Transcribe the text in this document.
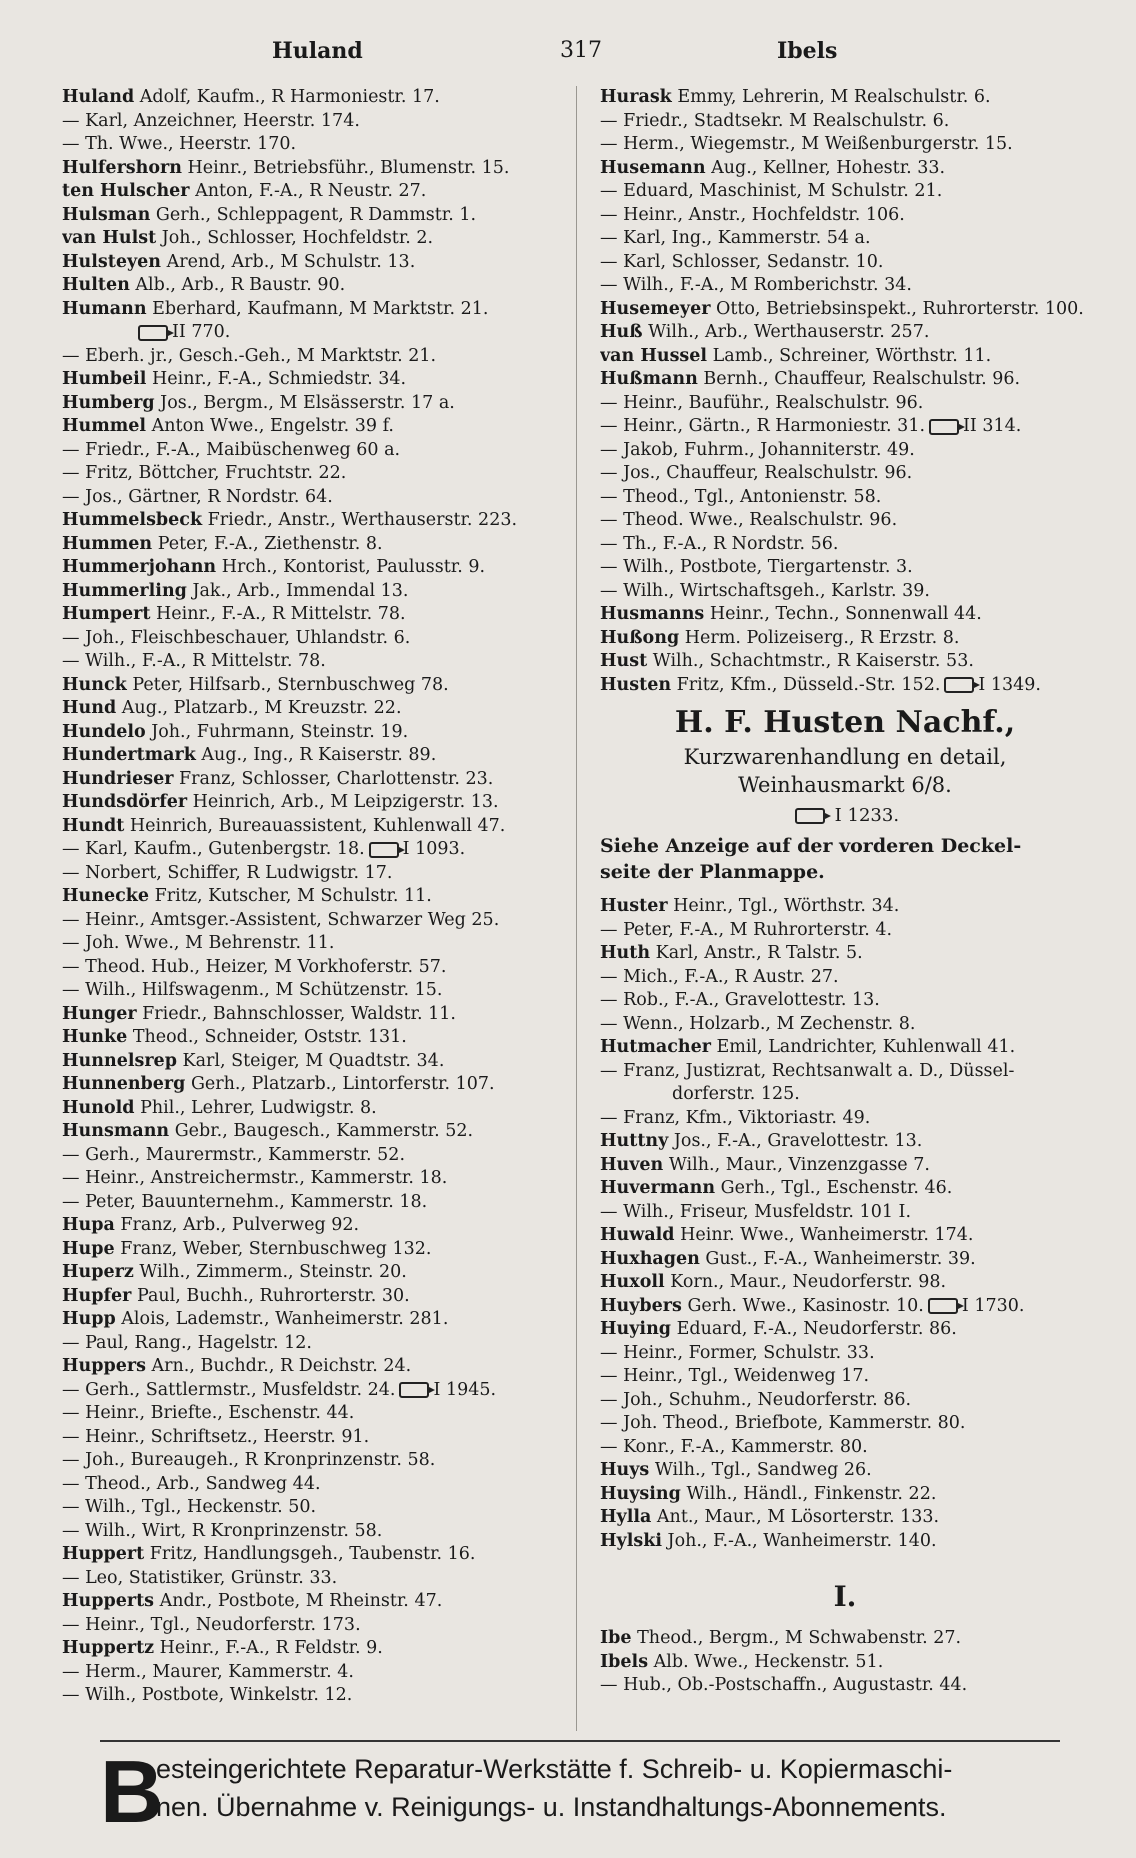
Huland	317	Ibels
Huland Adolf, Kaufm., R Harmoniestr. 17.
— Karl, Anzeichner, Heerstr. 174.
— Th. Wwe., Heerstr. 170.
Hulfershorn Heinr., Betriebsführ., Blumenstr. 15.
ten Hulscher Anton, F.-A., R Neustr. 27.
Hulsman Gerh., Schleppagent, R Dammstr. 1.
van Hulst Joh., Schlosser, Hochfeldstr. 2.
Hulsteyen Arend, Arb., M Schulstr. 13.
Hulten Alb., Arb., R Baustr. 90.
Humann Eberhard, Kaufmann, M Marktstr. 21.
II 770.
— Eberh. jr., Gesch.-Geh., M Marktstr. 21.
Humbeil Heinr., F.-A., Schmiedstr. 34.
Humberg Jos., Bergm., M Elsässerstr. 17 a.
Hummel Anton Wwe., Engelstr. 39 f.
— Friedr., F.-A., Maibüschenweg 60 a.
— Fritz, Böttcher, Fruchtstr. 22.
— Jos., Gärtner, R Nordstr. 64.
Hummelsbeck Friedr., Anstr., Werthauserstr. 223.
Hummen Peter, F.-A., Ziethenstr. 8.
Hummerjohann Hrch., Kontorist, Paulusstr. 9.
Hummerling Jak., Arb., Immendal 13.
Humpert Heinr., F.-A., R Mittelstr. 78.
— Joh., Fleischbeschauer, Uhlandstr. 6.
— Wilh., F.-A., R Mittelstr. 78.
Hunck Peter, Hilfsarb., Sternbuschweg 78.
Hund Aug., Platzarb., M Kreuzstr. 22.
Hundelo Joh., Fuhrmann, Steinstr. 19.
Hundertmark Aug., Ing., R Kaiserstr. 89.
Hundrieser Franz, Schlosser, Charlottenstr. 23.
Hundsdörfer Heinrich, Arb., M Leipzigerstr. 13.
Hundt Heinrich, Bureauassistent, Kuhlenwall 47.
— Karl, Kaufm., Gutenbergstr. 18. I 1093.
— Norbert, Schiffer, R Ludwigstr. 17.
Hunecke Fritz, Kutscher, M Schulstr. 11.
— Heinr., Amtsger.-Assistent, Schwarzer Weg 25.
— Joh. Wwe., M Behrenstr. 11.
— Theod. Hub., Heizer, M Vorkhoferstr. 57.
— Wilh., Hilfswagenm., M Schützenstr. 15.
Hunger Friedr., Bahnschlosser, Waldstr. 11.
Hunke Theod., Schneider, Oststr. 131.
Hunnelsrep Karl, Steiger, M Quadtstr. 34.
Hunnenberg Gerh., Platzarb., Lintorferstr. 107.
Hunold Phil., Lehrer, Ludwigstr. 8.
Hunsmann Gebr., Baugesch., Kammerstr. 52.
— Gerh., Maurermstr., Kammerstr. 52.
— Heinr., Anstreichermstr., Kammerstr. 18.
— Peter, Bauunternehm., Kammerstr. 18.
Hupa Franz, Arb., Pulverweg 92.
Hupe Franz, Weber, Sternbuschweg 132.
Huperz Wilh., Zimmerm., Steinstr. 20.
Hupfer Paul, Buchh., Ruhrorterstr. 30.
Hupp Alois, Lademstr., Wanheimerstr. 281.
— Paul, Rang., Hagelstr. 12.
Huppers Arn., Buchdr., R Deichstr. 24.
— Gerh., Sattlermstr., Musfeldstr. 24. I 1945.
— Heinr., Briefte., Eschenstr. 44.
— Heinr., Schriftsetz., Heerstr. 91.
— Joh., Bureaugeh., R Kronprinzenstr. 58.
— Theod., Arb., Sandweg 44.
— Wilh., Tgl., Heckenstr. 50.
— Wilh., Wirt, R Kronprinzenstr. 58.
Huppert Fritz, Handlungsgeh., Taubenstr. 16.
— Leo, Statistiker, Grünstr. 33.
Hupperts Andr., Postbote, M Rheinstr. 47.
— Heinr., Tgl., Neudorferstr. 173.
Huppertz Heinr., F.-A., R Feldstr. 9.
— Herm., Maurer, Kammerstr. 4.
— Wilh., Postbote, Winkelstr. 12.
Hurask Emmy, Lehrerin, M Realschulstr. 6.
— Friedr., Stadtsekr. M Realschulstr. 6.
— Herm., Wiegemstr., M Weißenburgerstr. 15.
Husemann Aug., Kellner, Hohestr. 33.
— Eduard, Maschinist, M Schulstr. 21.
— Heinr., Anstr., Hochfeldstr. 106.
— Karl, Ing., Kammerstr. 54 a.
— Karl, Schlosser, Sedanstr. 10.
— Wilh., F.-A., M Romberichstr. 34.
Husemeyer Otto, Betriebsinspekt., Ruhrorterstr. 100.
Huß Wilh., Arb., Werthauserstr. 257.
van Hussel Lamb., Schreiner, Wörthstr. 11.
Hußmann Bernh., Chauffeur, Realschulstr. 96.
— Heinr., Bauführ., Realschulstr. 96.
— Heinr., Gärtn., R Harmoniestr. 31. II 314.
— Jakob, Fuhrm., Johanniterstr. 49.
— Jos., Chauffeur, Realschulstr. 96.
— Theod., Tgl., Antonienstr. 58.
— Theod. Wwe., Realschulstr. 96.
— Th., F.-A., R Nordstr. 56.
— Wilh., Postbote, Tiergartenstr. 3.
— Wilh., Wirtschaftsgeh., Karlstr. 39.
Husmanns Heinr., Techn., Sonnenwall 44.
Hußong Herm. Polizeiserg., R Erzstr. 8.
Hust Wilh., Schachtmstr., R Kaiserstr. 53.
Husten Fritz, Kfm., Düsseld.-Str. 152. I 1349.
H. F. Husten Nachf.,
Kurzwarenhandlung en detail,
Weinhausmarkt 6/8.
I 1233.
Siehe Anzeige auf der vorderen Deckel-
seite der Planmappe.
Huster Heinr., Tgl., Wörthstr. 34.
— Peter, F.-A., M Ruhrorterstr. 4.
Huth Karl, Anstr., R Talstr. 5.
— Mich., F.-A., R Austr. 27.
— Rob., F.-A., Gravelottestr. 13.
— Wenn., Holzarb., M Zechenstr. 8.
Hutmacher Emil, Landrichter, Kuhlenwall 41.
— Franz, Justizrat, Rechtsanwalt a. D., Düssel-
dorferstr. 125.
— Franz, Kfm., Viktoriastr. 49.
Huttny Jos., F.-A., Gravelottestr. 13.
Huven Wilh., Maur., Vinzenzgasse 7.
Huvermann Gerh., Tgl., Eschenstr. 46.
— Wilh., Friseur, Musfeldstr. 101 I.
Huwald Heinr. Wwe., Wanheimerstr. 174.
Huxhagen Gust., F.-A., Wanheimerstr. 39.
Huxoll Korn., Maur., Neudorferstr. 98.
Huybers Gerh. Wwe., Kasinostr. 10. I 1730.
Huying Eduard, F.-A., Neudorferstr. 86.
— Heinr., Former, Schulstr. 33.
— Heinr., Tgl., Weidenweg 17.
— Joh., Schuhm., Neudorferstr. 86.
— Joh. Theod., Briefbote, Kammerstr. 80.
— Konr., F.-A., Kammerstr. 80.
Huys Wilh., Tgl., Sandweg 26.
Huysing Wilh., Händl., Finkenstr. 22.
Hylla Ant., Maur., M Lösorterstr. 133.
Hylski Joh., F.-A., Wanheimerstr. 140.
I.
Ibe Theod., Bergm., M Schwabenstr. 27.
Ibels Alb. Wwe., Heckenstr. 51.
— Hub., Ob.-Postschaffn., Augustastr. 44.
B
esteingerichtete Reparatur-Werkstätte f. Schreib- u. Kopiermaschi-
nen. Übernahme v. Reinigungs- u. Instandhaltungs-Abonnements.
